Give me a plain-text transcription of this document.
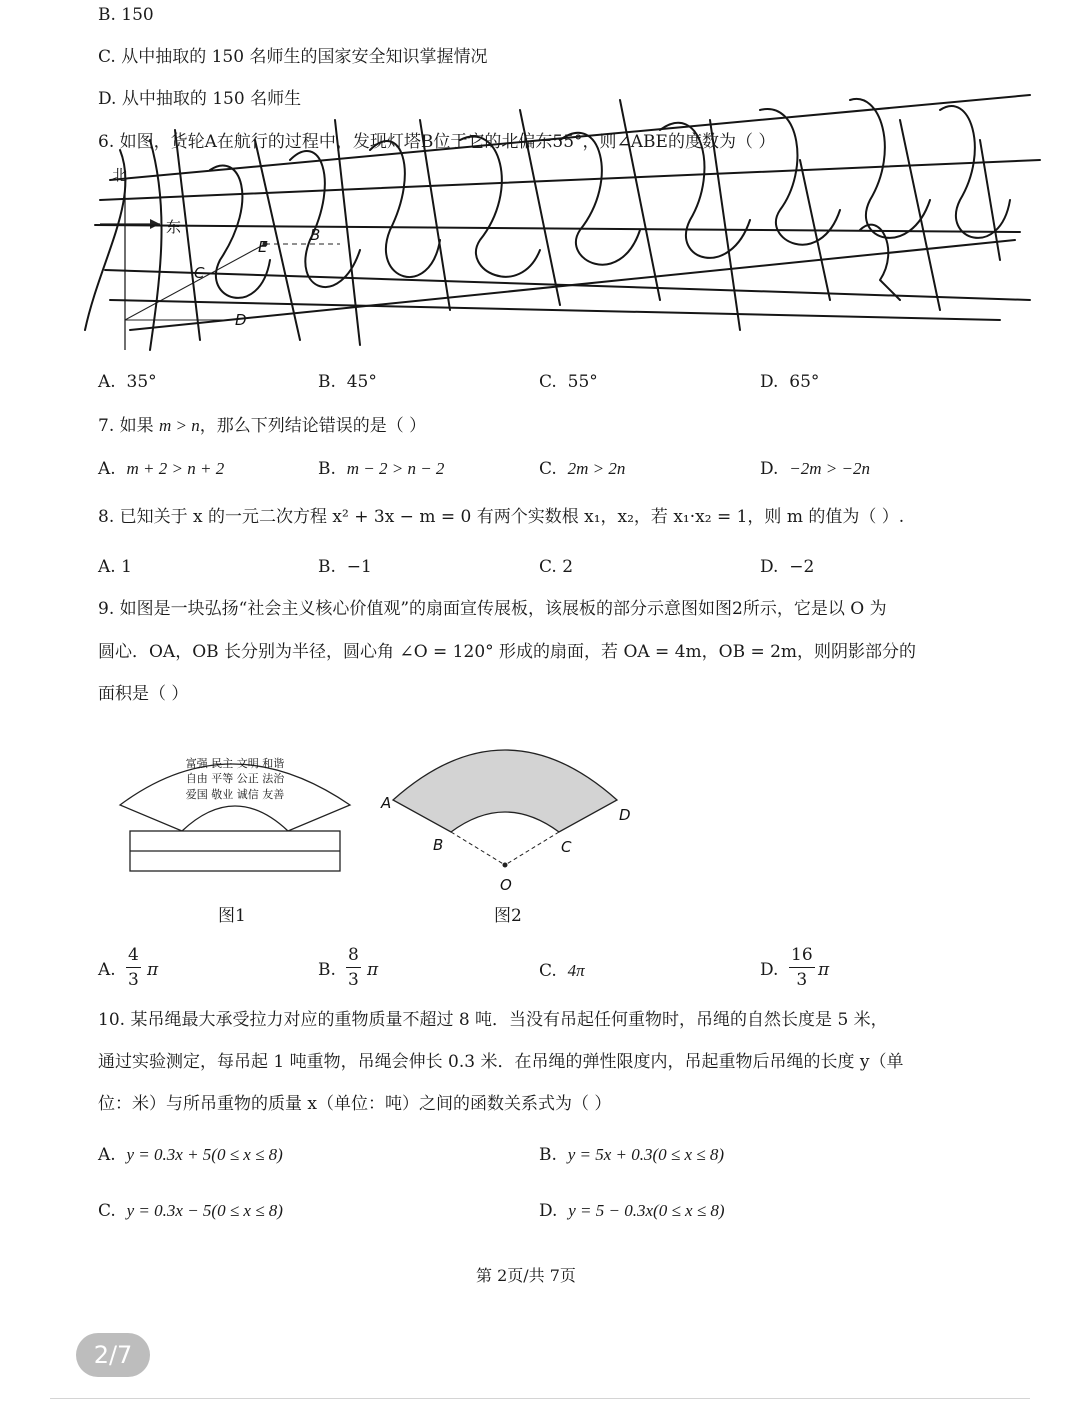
B. 150
C. 从中抽取的 150 名师生的国家安全知识掌握情况
D. 从中抽取的 150 名师生
6. 如图，货轮A在航行的过程中，发现灯塔B位于它的北偏东55°，则∠ABE的度数为（ ）
北
东
E
B
C
D
A. 35°	B. 45°	C. 55°	D. 65°
7. 如果 m > n，那么下列结论错误的是（ ）
A. m + 2 > n + 2	B. m − 2 > n − 2	C. 2m > 2n	D. −2m > −2n
8. 已知关于 x 的一元二次方程 x² + 3x − m = 0 有两个实数根 x₁，x₂，若 x₁·x₂ = 1，则 m 的值为（ ）.
A. 1	B. −1	C. 2	D. −2
9. 如图是一块弘扬“社会主义核心价值观”的扇面宣传展板，该展板的部分示意图如图2所示，它是以 O 为
圆心．OA，OB 长分别为半径，圆心角 ∠O = 120° 形成的扇面，若 OA = 4m，OB = 2m，则阴影部分的
面积是（ ）
富强 民主 文明 和谐
自由 平等 公正 法治
爱国 敬业 诚信 友善
图1
A
B	C
D
O
图2
A. $\frac{4}{3}$ π	B. $\frac{8}{3}$ π	C. 4π	D. $\frac{16}{3}$ π
10. 某吊绳最大承受拉力对应的重物质量不超过 8 吨．当没有吊起任何重物时，吊绳的自然长度是 5 米，
通过实验测定，每吊起 1 吨重物，吊绳会伸长 0.3 米．在吊绳的弹性限度内，吊起重物后吊绳的长度 y（单
位：米）与所吊重物的质量 x（单位：吨）之间的函数关系式为（ ）
A. y = 0.3x + 5(0 ≤ x ≤ 8)	B. y = 5x + 0.3(0 ≤ x ≤ 8)
C. y = 0.3x − 5(0 ≤ x ≤ 8)	D. y = 5 − 0.3x(0 ≤ x ≤ 8)
第 2页/共 7页
2/7
